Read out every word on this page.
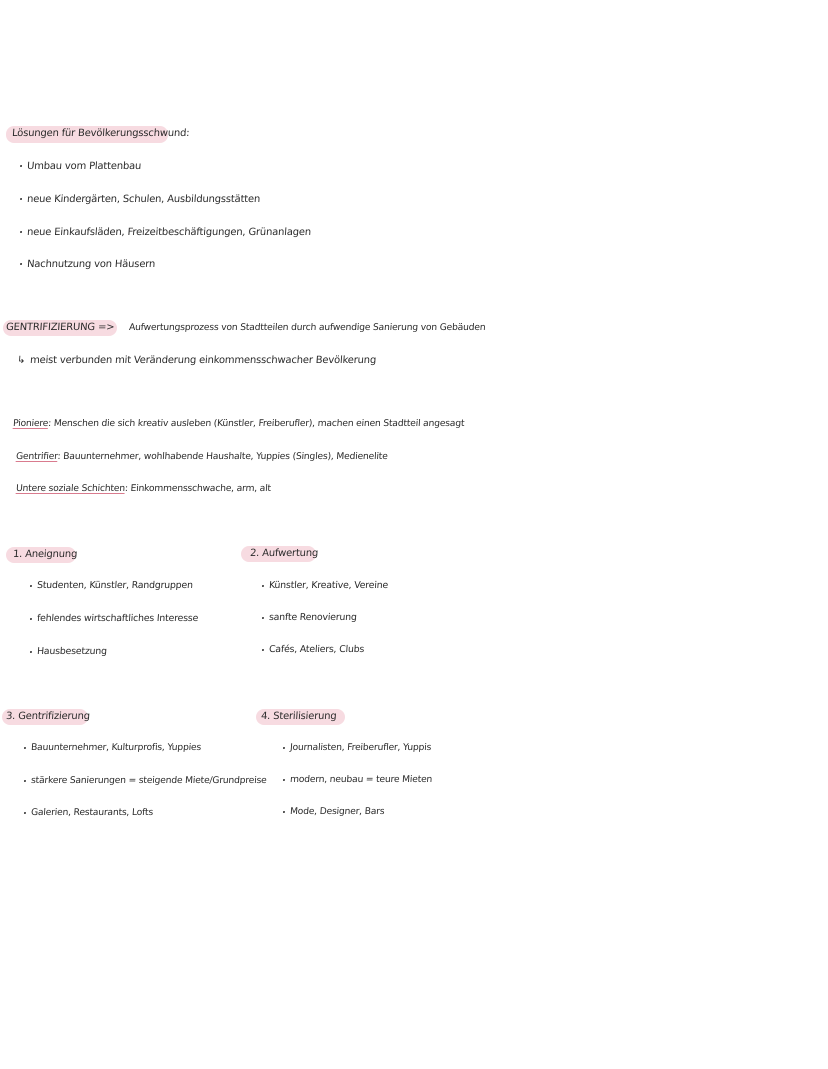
Lösungen für Bevölkerungsschwund:
Umbau vom Plattenbau
neue Kindergärten, Schulen, Ausbildungsstätten
neue Einkaufsläden, Freizeitbeschäftigungen, Grünanlagen
Nachnutzung von Häusern
GENTRIFIZIERUNG => Aufwertungsprozess von Stadtteilen durch aufwendige Sanierung von Gebäuden
↳ meist verbunden mit Veränderung einkommensschwacher Bevölkerung
Pioniere: Menschen die sich kreativ ausleben (Künstler, Freiberufler), machen einen Stadtteil angesagt
Gentrifier: Bauunternehmer, wohlhabende Haushalte, Yuppies (Singles), Medienelite
Untere soziale Schichten: Einkommensschwache, arm, alt
1. Aneignung
Studenten, Künstler, Randgruppen
fehlendes wirtschaftliches Interesse
Hausbesetzung
2. Aufwertung
Künstler, Kreative, Vereine
sanfte Renovierung
Cafés, Ateliers, Clubs
3. Gentrifizierung
Bauunternehmer, Kulturprofis, Yuppies
stärkere Sanierungen = steigende Miete/Grundpreise
Galerien, Restaurants, Lofts
4. Sterilisierung
Journalisten, Freiberufler, Yuppis
modern, neubau = teure Mieten
Mode, Designer, Bars
